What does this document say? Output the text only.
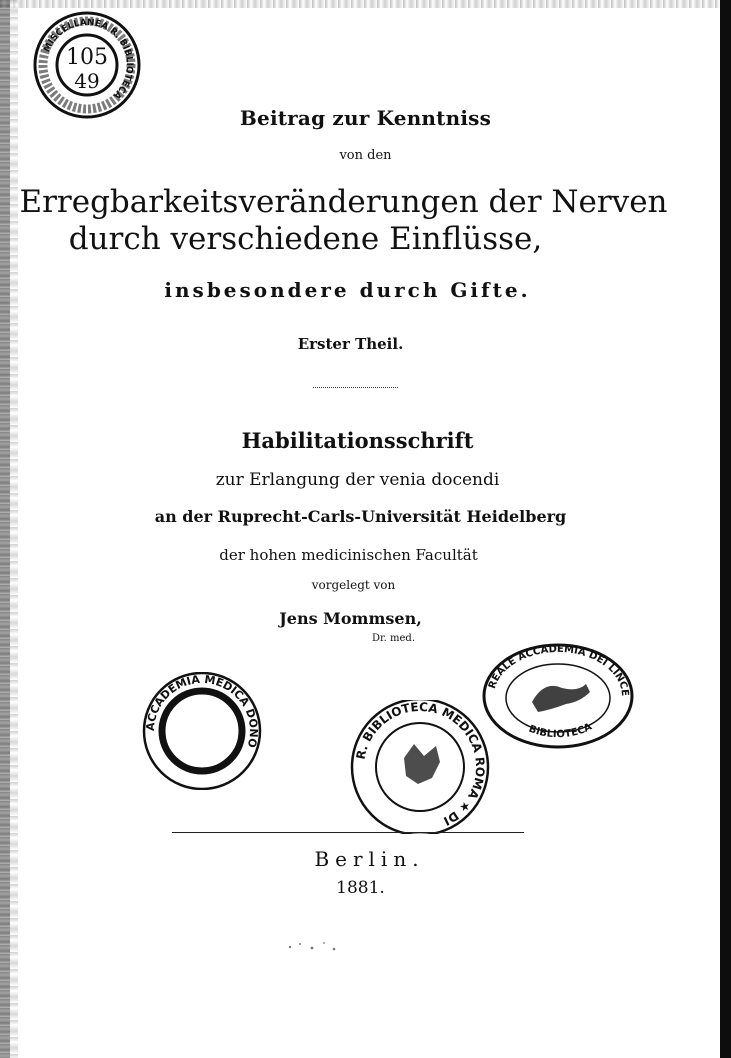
MISCELLANEA R. BIBLIOTECA
105
49

Beitrag zur Kenntniss

von den

Erregbarkeitsveränderungen der Nerven

durch verschiedene Einflüsse,

insbesondere durch Gifte.

Erster Theil.

Habilitationsschrift

zur Erlangung der venia docendi

an der Ruprecht-Carls-Universität Heidelberg

der hohen medicinischen Facultät

vorgelegt von

Jens Mommsen,

Dr. med.

REALE ACCADEMIA DEI LINCE
BIBLIOTECA
ACCADEMIA MEDICA DONO
R. BIBLIOTECA MEDICA ROMA ★ DI

Berlin.

1881.
